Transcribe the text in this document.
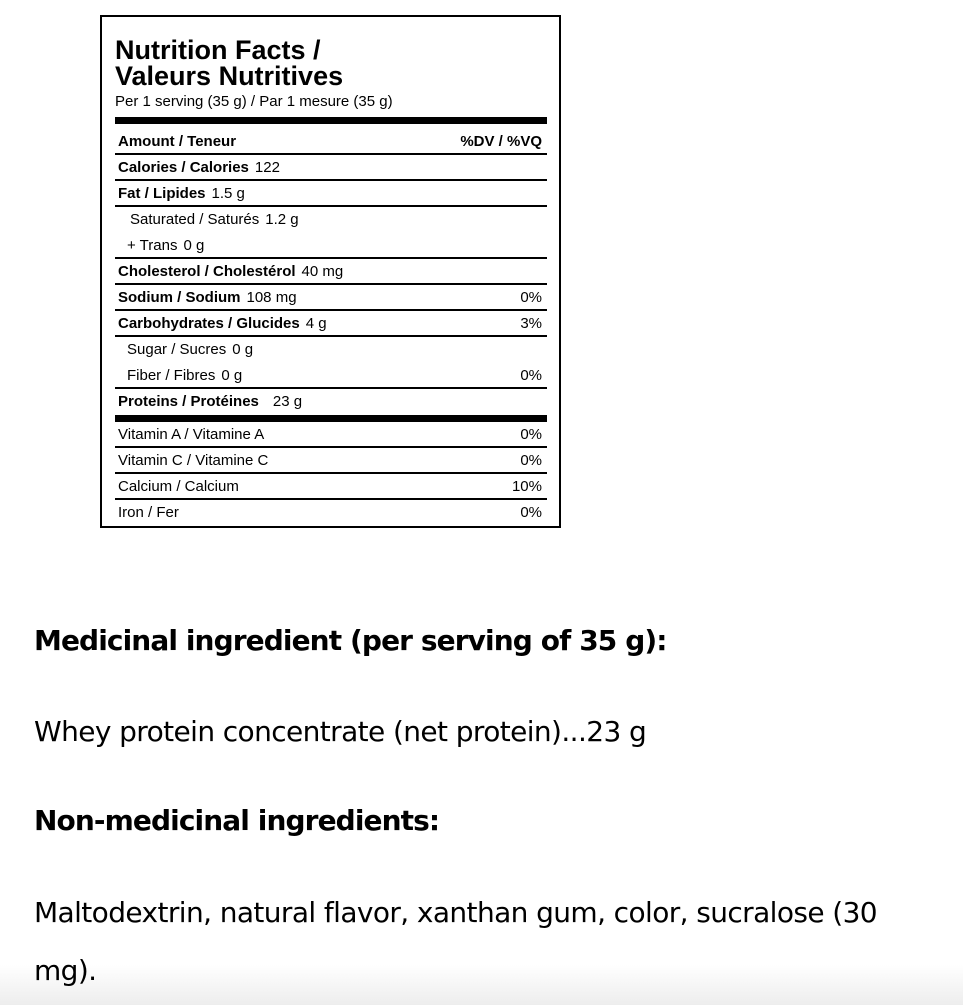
Nutrition Facts /
Valeurs Nutritives
Per 1 serving (35 g) / Par 1 mesure (35 g)
Amount / Teneur	%DV / %VQ
Calories / Calories 122
Fat / Lipides 1.5 g
Saturated / Saturés 1.2 g
+ Trans 0 g
Cholesterol / Cholestérol 40 mg
Sodium / Sodium 108 mg	0%
Carbohydrates / Glucides 4 g	3%
Sugar / Sucres 0 g
Fiber / Fibres 0 g	0%
Proteins / Protéines 23 g
Vitamin A / Vitamine A	0%
Vitamin C / Vitamine C	0%
Calcium / Calcium	10%
Iron / Fer	0%

Medicinal ingredient (per serving of 35 g):

Whey protein concentrate (net protein)...23 g

Non-medicinal ingredients:

Maltodextrin, natural flavor, xanthan gum, color, sucralose (30 mg).
